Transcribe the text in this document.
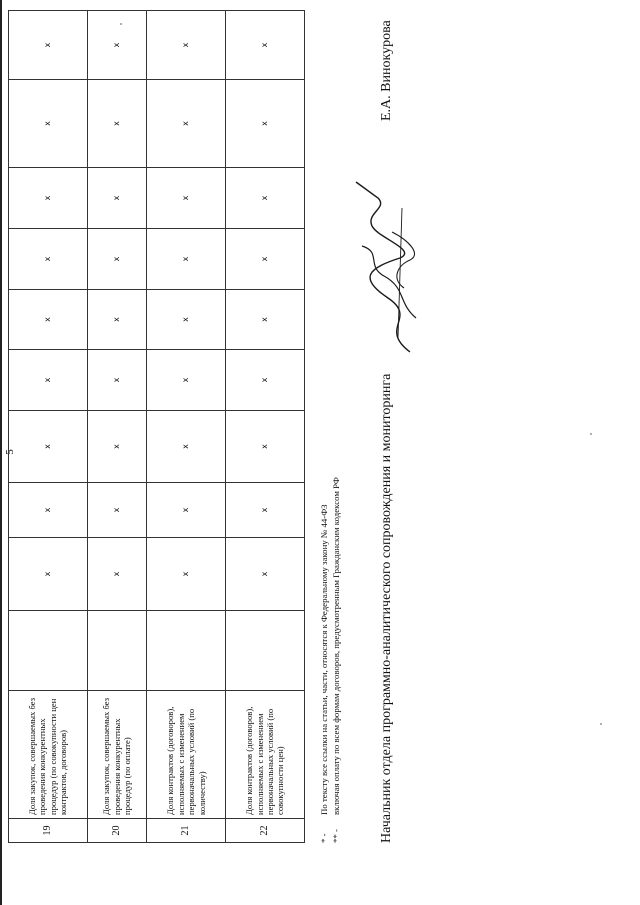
5
19	Доля закупок, совершаемых без проведения конкурентных процедур (по совокупности цен контрактов, договоров)		x	x	x	x	x	x	x	x	x
20	Доля закупок, совершаемых без проведения конкурентных процедур (по оплате)		x	x	x	x	x	x	x	x	x
21	Доля контрактов (договоров), исполняемых с изменением первоначальных условий (по количеству)		x	x	x	x	x	x	x	x	x
22	Доля контрактов (договоров), исполняемых с изменением первоначальных условий (по совокупности цен)		x	x	x	x	x	x	x	x	x
* -
По тексту все ссылки на статьи, части, относятся к Федеральному закону № 44-ФЗ
** -
включая оплату по всем формам договоров, предусмотренным Гражданским кодексом РФ	Начальник отдела программно-аналитического сопровождения и мониторинга
Е.А. Винокурова
